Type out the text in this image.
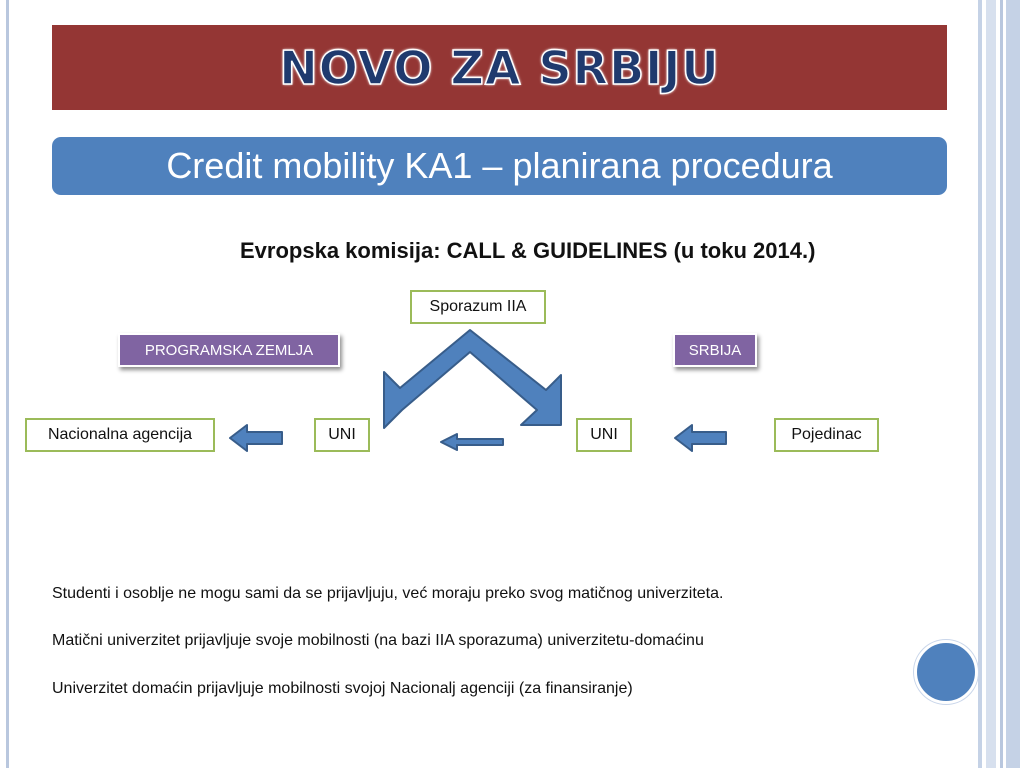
NOVO ZA SRBIJU
Credit mobility KA1 – planirana procedura
Evropska komisija: CALL & GUIDELINES (u toku 2014.)
Sporazum IIA
PROGRAMSKA ZEMLJA	SRBIJA
Nacionalna agencija	UNI	UNI	Pojedinac
Studenti i osoblje ne mogu sami da se prijavljuju, već moraju preko svog matičnog univerziteta.
Matični univerzitet prijavljuje svoje mobilnosti (na bazi IIA sporazuma) univerzitetu-domaćinu
Univerzitet domaćin prijavljuje mobilnosti svojoj Nacionalj agenciji (za finansiranje)
